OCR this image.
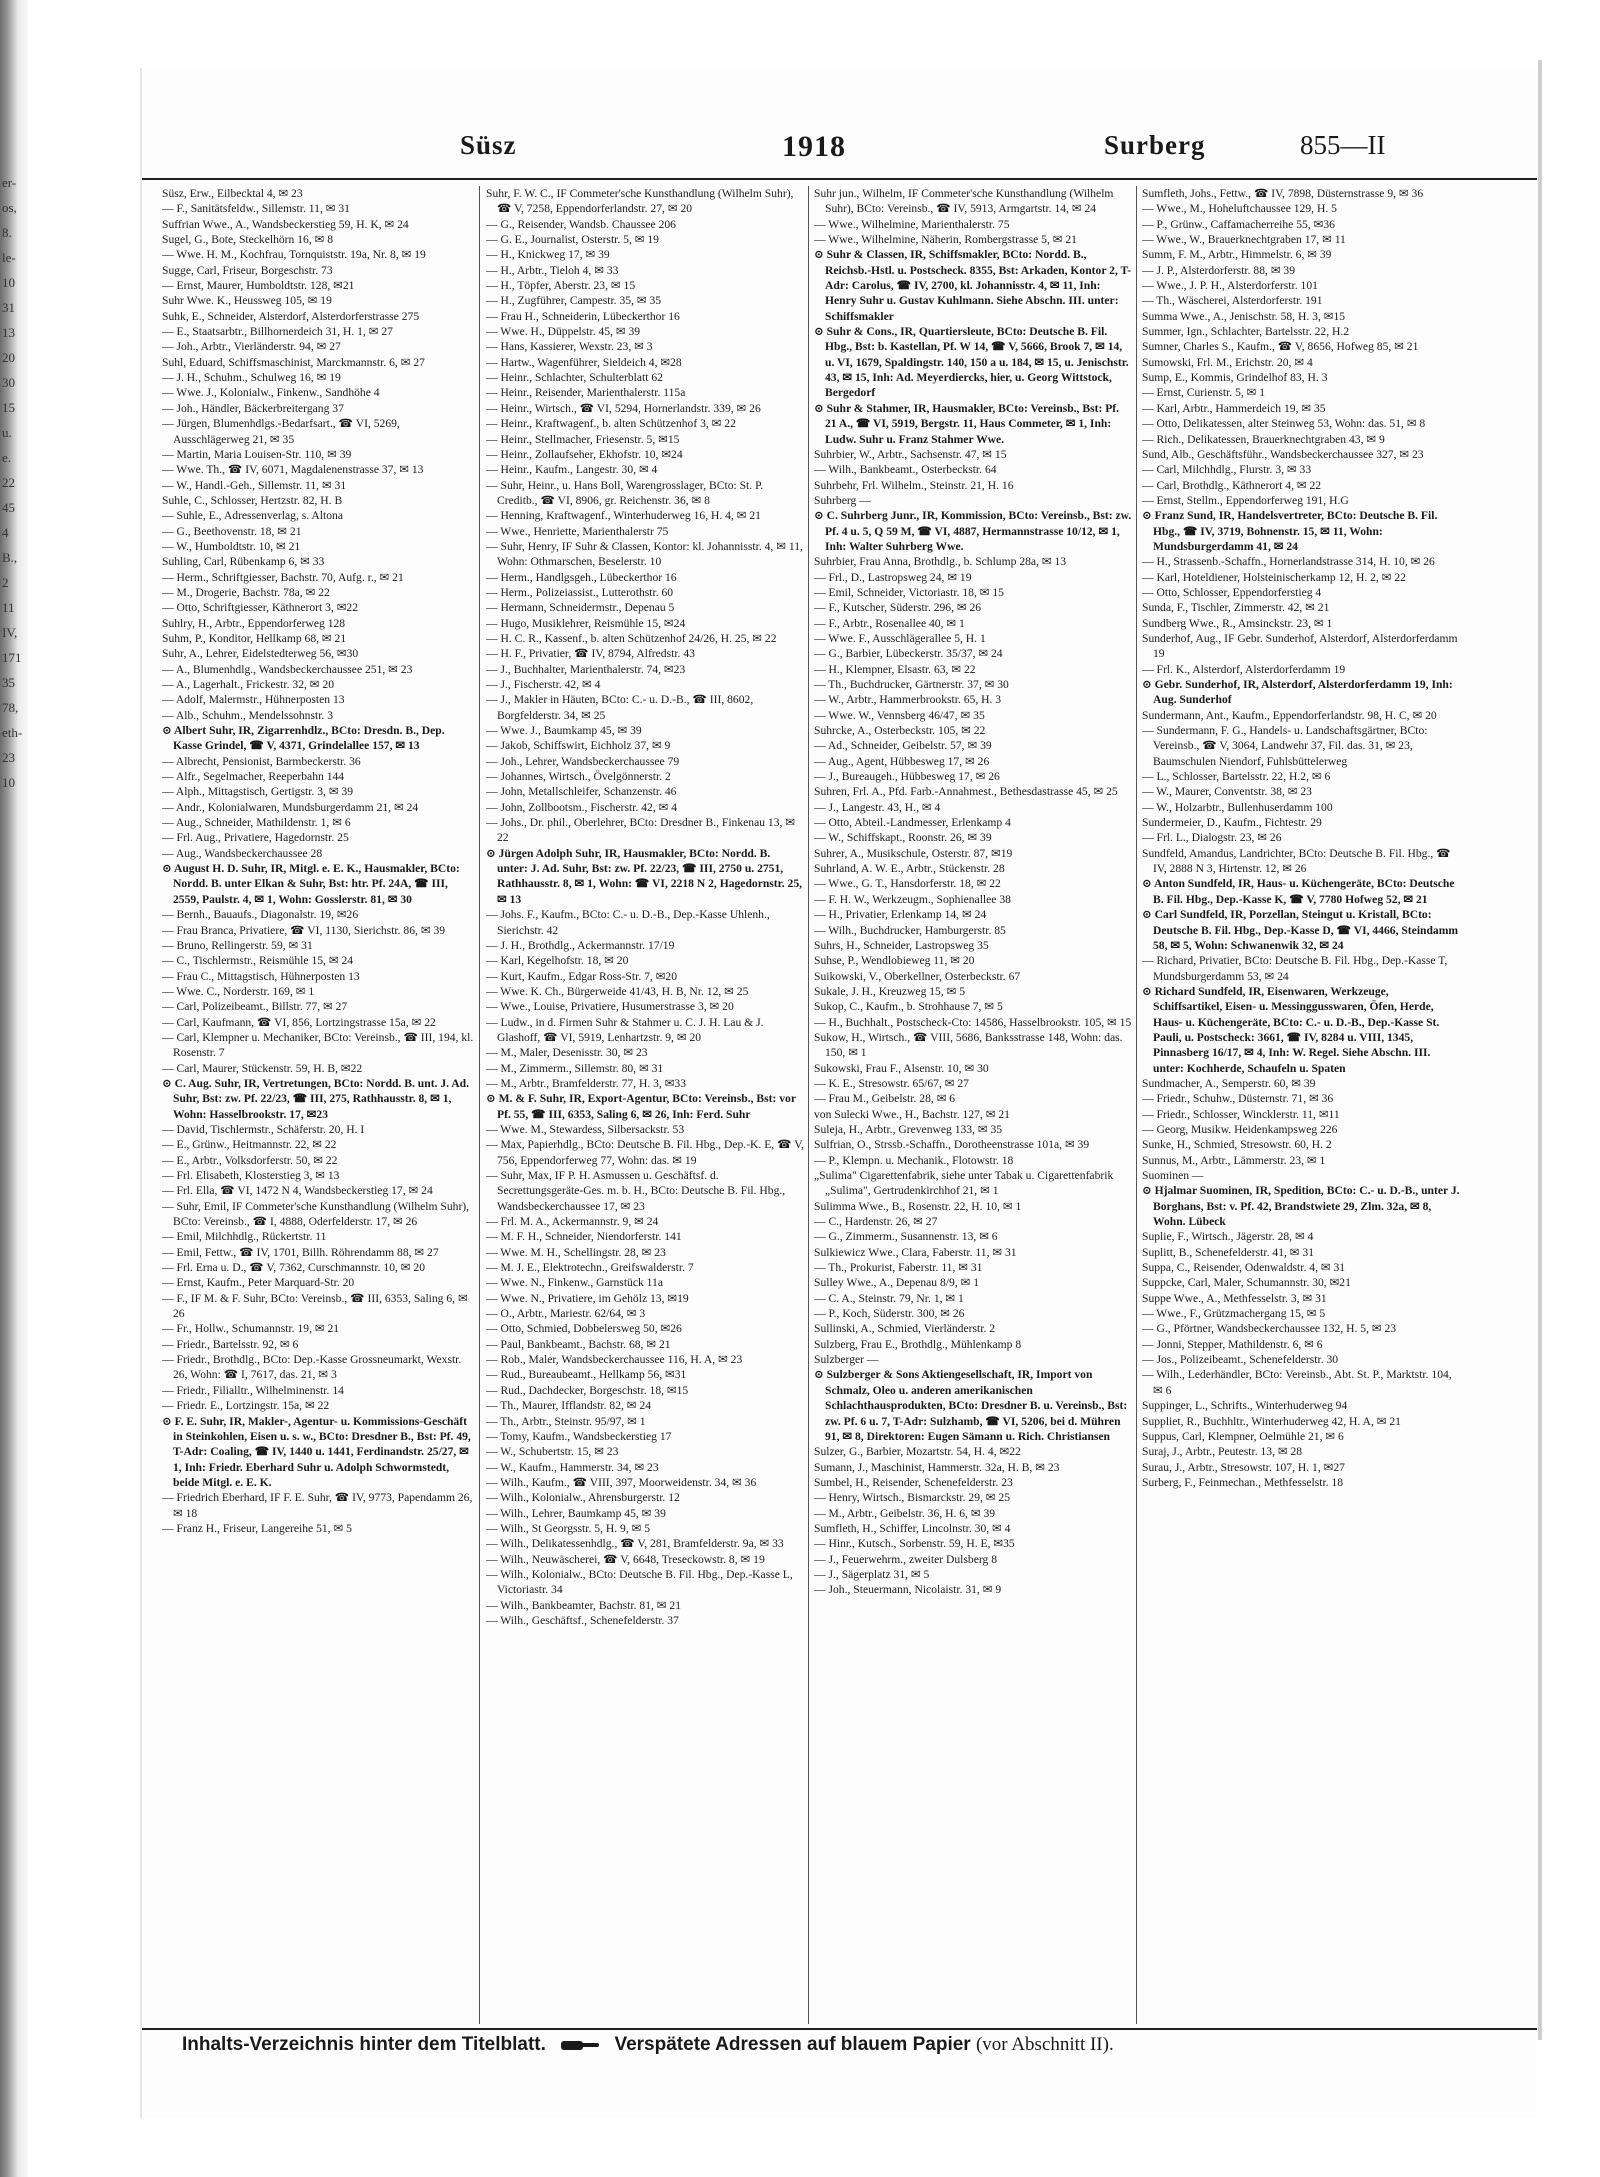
er-
os,
8.
le-
10
31
13
20
30
15
u.
e.
22
45
4
В.,
2
11
IV,
171
35
78,
eth-
23
10
Süsz	1918	Surberg	855—II

Süsz, Erw., Eilbecktal 4, ✉ 23

— F., Sanitätsfeldw., Sillemstr. 11, ✉ 31

Suffrian Wwe., A., Wandsbeckerstieg 59, H. K, ✉ 24

Sugel, G., Bote, Steckelhörn 16, ✉ 8

— Wwe. H. M., Kochfrau, Tornquiststr. 19a, Nr. 8, ✉ 19

Sugge, Carl, Friseur, Borgeschstr. 73

— Ernst, Maurer, Humboldtstr. 128, ✉21

Suhr Wwe. K., Heussweg 105, ✉ 19

Suhk, E., Schneider, Alsterdorf, Alsterdorferstrasse 275

— E., Staatsarbtr., Billhornerdeich 31, H. 1, ✉ 27

— Joh., Arbtr., Vierländerstr. 94, ✉ 27

Suhl, Eduard, Schiffsmaschinist, Marckmannstr. 6, ✉ 27

— J. H., Schuhm., Schulweg 16, ✉ 19

— Wwe. J., Kolonialw., Finkenw., Sandhöhe 4

— Joh., Händler, Bäckerbreitergang 37

— Jürgen, Blumenhdlgs.-Bedarfsart., ☎ VI, 5269, Ausschlägerweg 21, ✉ 35

— Martin, Maria Louisen-Str. 110, ✉ 39

— Wwe. Th., ☎ IV, 6071, Magdalenenstrasse 37, ✉ 13

— W., Handl.-Geh., Sillemstr. 11, ✉ 31

Suhle, C., Schlosser, Hertzstr. 82, H. B

— Suhle, E., Adressenverlag, s. Altona

— G., Beethovenstr. 18, ✉ 21

— W., Humboldtstr. 10, ✉ 21

Suhling, Carl, Rübenkamp 6, ✉ 33

— Herm., Schriftgiesser, Bachstr. 70, Aufg. r., ✉ 21

— M., Drogerie, Bachstr. 78a, ✉ 22

— Otto, Schriftgiesser, Käthnerort 3, ✉22

Suhlry, H., Arbtr., Eppendorferweg 128

Suhm, P., Konditor, Hellkamp 68, ✉ 21

Suhr, A., Lehrer, Eidelstedterweg 56, ✉30

— A., Blumenhdlg., Wandsbeckerchaussee 251, ✉ 23

— A., Lagerhalt., Frickestr. 32, ✉ 20

— Adolf, Malermstr., Hühnerposten 13

— Alb., Schuhm., Mendelssohnstr. 3

⊙ Albert Suhr, IR, Zigarrenhdlz., BCto: Dresdn. B., Dep. Kasse Grindel, ☎ V, 4371, Grindelallee 157, ✉ 13

— Albrecht, Pensionist, Barmbeckerstr. 36

— Alfr., Segelmacher, Reeperbahn 144

— Alph., Mittagstisch, Gertigstr. 3, ✉ 39

— Andr., Kolonialwaren, Mundsburgerdamm 21, ✉ 24

— Aug., Schneider, Mathildenstr. 1, ✉ 6

— Frl. Aug., Privatiere, Hagedornstr. 25

— Aug., Wandsbeckerchaussee 28

⊙ August H. D. Suhr, IR, Mitgl. e. E. K., Hausmakler, BCto: Nordd. B. unter Elkan & Suhr, Bst: htr. Pf. 24A, ☎ III, 2559, Paulstr. 4, ✉ 1, Wohn: Gosslerstr. 81, ✉ 30

— Bernh., Bauaufs., Diagonalstr. 19, ✉26

— Frau Branca, Privatiere, ☎ VI, 1130, Sierichstr. 86, ✉ 39

— Bruno, Rellingerstr. 59, ✉ 31

— C., Tischlermstr., Reismühle 15, ✉ 24

— Frau C., Mittagstisch, Hühnerposten 13

— Wwe. C., Norderstr. 169, ✉ 1

— Carl, Polizeibeamt., Billstr. 77, ✉ 27

— Carl, Kaufmann, ☎ VI, 856, Lortzingstrasse 15a, ✉ 22

— Carl, Klempner u. Mechaniker, BCto: Vereinsb., ☎ III, 194, kl. Rosenstr. 7

— Carl, Maurer, Stückenstr. 59, H. B, ✉22

⊙ C. Aug. Suhr, IR, Vertretungen, BCto: Nordd. B. unt. J. Ad. Suhr, Bst: zw. Pf. 22/23, ☎ III, 275, Rathhausstr. 8, ✉ 1, Wohn: Hasselbrookstr. 17, ✉23

— David, Tischlermstr., Schäferstr. 20, H. I

— E., Grünw., Heitmannstr. 22, ✉ 22

— E., Arbtr., Volksdorferstr. 50, ✉ 22

— Frl. Elisabeth, Klosterstieg 3, ✉ 13

— Frl. Ella, ☎ VI, 1472 N 4, Wandsbeckerstieg 17, ✉ 24

— Suhr, Emil, IF Commeter'sche Kunsthandlung (Wilhelm Suhr), BCto: Vereinsb., ☎ I, 4888, Oderfelderstr. 17, ✉ 26

— Emil, Milchhdlg., Rückertstr. 11

— Emil, Fettw., ☎ IV, 1701, Billh. Röhrendamm 88, ✉ 27

— Frl. Erna u. D., ☎ V, 7362, Curschmannstr. 10, ✉ 20

— Ernst, Kaufm., Peter Marquard-Str. 20

— F., IF M. & F. Suhr, BCto: Vereinsb., ☎ III, 6353, Saling 6, ✉ 26

— Fr., Hollw., Schumannstr. 19, ✉ 21

— Friedr., Bartelsstr. 92, ✉ 6

— Friedr., Brothdlg., BCto: Dep.-Kasse Grossneumarkt, Wexstr. 26, Wohn: ☎ I, 7617, das. 21, ✉ 3

— Friedr., Filialltr., Wilhelminenstr. 14

— Friedr. E., Lortzingstr. 15a, ✉ 22

⊙ F. E. Suhr, IR, Makler-, Agentur- u. Kommissions-Geschäft in Steinkohlen, Eisen u. s. w., BCto: Dresdner B., Bst: Pf. 49, T-Adr: Coaling, ☎ IV, 1440 u. 1441, Ferdinandstr. 25/27, ✉ 1, Inh: Friedr. Eberhard Suhr u. Adolph Schwormstedt, beide Mitgl. e. E. K.

— Friedrich Eberhard, IF F. E. Suhr, ☎ IV, 9773, Papendamm 26, ✉ 18

— Franz H., Friseur, Langereihe 51, ✉ 5

Suhr, F. W. C., IF Commeter'sche Kunsthandlung (Wilhelm Suhr), ☎ V, 7258, Eppendorferlandstr. 27, ✉ 20

— G., Reisender, Wandsb. Chaussee 206

— G. E., Journalist, Osterstr. 5, ✉ 19

— H., Knickweg 17, ✉ 39

— H., Arbtr., Tieloh 4, ✉ 33

— H., Töpfer, Aberstr. 23, ✉ 15

— H., Zugführer, Campestr. 35, ✉ 35

— Frau H., Schneiderin, Lübeckerthor 16

— Wwe. H., Düppelstr. 45, ✉ 39

— Hans, Kassierer, Wexstr. 23, ✉ 3

— Hartw., Wagenführer, Sieldeich 4, ✉28

— Heinr., Schlachter, Schulterblatt 62

— Heinr., Reisender, Marienthalerstr. 115a

— Heinr., Wirtsch., ☎ VI, 5294, Hornerlandstr. 339, ✉ 26

— Heinr., Kraftwagenf., b. alten Schützenhof 3, ✉ 22

— Heinr., Stellmacher, Friesenstr. 5, ✉15

— Heinr., Zollaufseher, Ekhofstr. 10, ✉24

— Heinr., Kaufm., Langestr. 30, ✉ 4

— Suhr, Heinr., u. Hans Boll, Warengrosslager, BCto: St. P. Creditb., ☎ VI, 8906, gr. Reichenstr. 36, ✉ 8

— Henning, Kraftwagenf., Winterhuderweg 16, H. 4, ✉ 21

— Wwe., Henriette, Marienthalerstr 75

— Suhr, Henry, IF Suhr & Classen, Kontor: kl. Johannisstr. 4, ✉ 11, Wohn: Othmarschen, Beselerstr. 10

— Herm., Handlgsgeh., Lübeckerthor 16

— Herm., Polizeiassist., Lutterothstr. 60

— Hermann, Schneidermstr., Depenau 5

— Hugo, Musiklehrer, Reismühle 15, ✉24

— H. C. R., Kassenf., b. alten Schützenhof 24/26, H. 25, ✉ 22

— H. F., Privatier, ☎ IV, 8794, Alfredstr. 43

— J., Buchhalter, Marienthalerstr. 74, ✉23

— J., Fischerstr. 42, ✉ 4

— J., Makler in Häuten, BCto: C.- u. D.-B., ☎ III, 8602, Borgfelderstr. 34, ✉ 25

— Wwe. J., Baumkamp 45, ✉ 39

— Jakob, Schiffswirt, Eichholz 37, ✉ 9

— Joh., Lehrer, Wandsbeckerchaussee 79

— Johannes, Wirtsch., Övelgönnerstr. 2

— John, Metallschleifer, Schanzenstr. 46

— John, Zollbootsm., Fischerstr. 42, ✉ 4

— Johs., Dr. phil., Oberlehrer, BCto: Dresdner B., Finkenau 13, ✉ 22

⊙ Jürgen Adolph Suhr, IR, Hausmakler, BCto: Nordd. B. unter: J. Ad. Suhr, Bst: zw. Pf. 22/23, ☎ III, 2750 u. 2751, Rathhausstr. 8, ✉ 1, Wohn: ☎ VI, 2218 N 2, Hagedornstr. 25, ✉ 13

— Johs. F., Kaufm., BCto: C.- u. D.-B., Dep.-Kasse Uhlenh., Sierichstr. 42

— J. H., Brothdlg., Ackermannstr. 17/19

— Karl, Kegelhofstr. 18, ✉ 20

— Kurt, Kaufm., Edgar Ross-Str. 7, ✉20

— Wwe. K. Ch., Bürgerweide 41/43, H. B, Nr. 12, ✉ 25

— Wwe., Louise, Privatiere, Husumerstrasse 3, ✉ 20

— Ludw., in d. Firmen Suhr & Stahmer u. C. J. H. Lau & J. Glashoff, ☎ VI, 5919, Lenhartzstr. 9, ✉ 20

— M., Maler, Desenisstr. 30, ✉ 23

— M., Zimmerm., Sillemstr. 80, ✉ 31

— M., Arbtr., Bramfelderstr. 77, H. 3, ✉33

⊙ M. & F. Suhr, IR, Export-Agentur, BCto: Vereinsb., Bst: vor Pf. 55, ☎ III, 6353, Saling 6, ✉ 26, Inh: Ferd. Suhr

— Wwe. M., Stewardess, Silbersackstr. 53

— Max, Papierhdlg., BCto: Deutsche B. Fil. Hbg., Dep.-K. E, ☎ V, 756, Eppendorferweg 77, Wohn: das. ✉ 19

— Suhr, Max, IF P. H. Asmussen u. Geschäftsf. d. Secrettungsgeräte-Ges. m. b. H., BCto: Deutsche B. Fil. Hbg., Wandsbeckerchaussee 17, ✉ 23

— Frl. M. A., Ackermannstr. 9, ✉ 24

— M. F. H., Schneider, Niendorferstr. 141

— Wwe. M. H., Schellingstr. 28, ✉ 23

— M. J. E., Elektrotechn., Greifswalderstr. 7

— Wwe. N., Finkenw., Garnstück 11a

— Wwe. N., Privatiere, im Gehölz 13, ✉19

— O., Arbtr., Mariestr. 62/64, ✉ 3

— Otto, Schmied, Dobbelersweg 50, ✉26

— Paul, Bankbeamt., Bachstr. 68, ✉ 21

— Rob., Maler, Wandsbeckerchaussee 116, H. A, ✉ 23

— Rud., Bureaubeamt., Hellkamp 56, ✉31

— Rud., Dachdecker, Borgeschstr. 18, ✉15

— Th., Maurer, Ifflandstr. 82, ✉ 24

— Th., Arbtr., Steinstr. 95/97, ✉ 1

— Tomy, Kaufm., Wandsbeckerstieg 17

— W., Schubertstr. 15, ✉ 23

— W., Kaufm., Hammerstr. 34, ✉ 23

— Wilh., Kaufm., ☎ VIII, 397, Moorweidenstr. 34, ✉ 36

— Wilh., Kolonialw., Ahrensburgerstr. 12

— Wilh., Lehrer, Baumkamp 45, ✉ 39

— Wilh., St Georgsstr. 5, H. 9, ✉ 5

— Wilh., Delikatessenhdlg., ☎ V, 281, Bramfelderstr. 9a, ✉ 33

— Wilh., Neuwäscherei, ☎ V, 6648, Treseckowstr. 8, ✉ 19

— Wilh., Kolonialw., BCto: Deutsche B. Fil. Hbg., Dep.-Kasse L, Victoriastr. 34

— Wilh., Bankbeamter, Bachstr. 81, ✉ 21

— Wilh., Geschäftsf., Schenefelderstr. 37

Suhr jun., Wilhelm, IF Commeter'sche Kunsthandlung (Wilhelm Suhr), BCto: Vereinsb., ☎ IV, 5913, Armgartstr. 14, ✉ 24

— Wwe., Wilhelmine, Marienthalerstr. 75

— Wwe., Wilhelmine, Näherin, Rombergstrasse 5, ✉ 21

⊙ Suhr & Classen, IR, Schiffsmakler, BCto: Nordd. B., Reichsb.-Hstl. u. Postscheck. 8355, Bst: Arkaden, Kontor 2, T-Adr: Carolus, ☎ IV, 2700, kl. Johannisstr. 4, ✉ 11, Inh: Henry Suhr u. Gustav Kuhlmann. Siehe Abschn. III. unter: Schiffsmakler

⊙ Suhr & Cons., IR, Quartiersleute, BCto: Deutsche B. Fil. Hbg., Bst: b. Kastellan, Pf. W 14, ☎ V, 5666, Brook 7, ✉ 14, u. VI, 1679, Spaldingstr. 140, 150 a u. 184, ✉ 15, u. Jenischstr. 43, ✉ 15, Inh: Ad. Meyerdiercks, hier, u. Georg Wittstock, Bergedorf

⊙ Suhr & Stahmer, IR, Hausmakler, BCto: Vereinsb., Bst: Pf. 21 A., ☎ VI, 5919, Bergstr. 11, Haus Commeter, ✉ 1, Inh: Ludw. Suhr u. Franz Stahmer Wwe.

Suhrbier, W., Arbtr., Sachsenstr. 47, ✉ 15

— Wilh., Bankbeamt., Osterbeckstr. 64

Suhrbehr, Frl. Wilhelm., Steinstr. 21, H. 16

Suhrberg —

⊙ C. Suhrberg Junr., IR, Kommission, BCto: Vereinsb., Bst: zw. Pf. 4 u. 5, Q 59 M, ☎ VI, 4887, Hermannstrasse 10/12, ✉ 1, Inh: Walter Suhrberg Wwe.

Suhrbier, Frau Anna, Brothdlg., b. Schlump 28a, ✉ 13

— Frl., D., Lastropsweg 24, ✉ 19

— Emil, Schneider, Victoriastr. 18, ✉ 15

— F., Kutscher, Süderstr. 296, ✉ 26

— F., Arbtr., Rosenallee 40, ✉ 1

— Wwe. F., Ausschlägerallee 5, H. 1

— G., Barbier, Lübeckerstr. 35/37, ✉ 24

— H., Klempner, Elsastr. 63, ✉ 22

— Th., Buchdrucker, Gärtnerstr. 37, ✉ 30

— W., Arbtr., Hammerbrookstr. 65, H. 3

— Wwe. W., Vennsberg 46/47, ✉ 35

Suhrcke, A., Osterbeckstr. 105, ✉ 22

— Ad., Schneider, Geibelstr. 57, ✉ 39

— Aug., Agent, Hübbesweg 17, ✉ 26

— J., Bureaugeh., Hübbesweg 17, ✉ 26

Suhren, Frl. A., Pfd. Farb.-Annahmest., Bethesdastrasse 45, ✉ 25

— J., Langestr. 43, H., ✉ 4

— Otto, Abteil.-Landmesser, Erlenkamp 4

— W., Schiffskapt., Roonstr. 26, ✉ 39

Suhrer, A., Musikschule, Osterstr. 87, ✉19

Suhrland, A. W. E., Arbtr., Stückenstr. 28

— Wwe., G. T., Hansdorferstr. 18, ✉ 22

— F. H. W., Werkzeugm., Sophienallee 38

— H., Privatier, Erlenkamp 14, ✉ 24

— Wilh., Buchdrucker, Hamburgerstr. 85

Suhrs, H., Schneider, Lastropsweg 35

Suhse, P., Wendlobieweg 11, ✉ 20

Suikowski, V., Oberkellner, Osterbeckstr. 67

Sukale, J. H., Kreuzweg 15, ✉ 5

Sukop, C., Kaufm., b. Strohhause 7, ✉ 5

— H., Buchhalt., Postscheck-Cto: 14586, Hasselbrookstr. 105, ✉ 15

Sukow, H., Wirtsch., ☎ VIII, 5686, Banksstrasse 148, Wohn: das. 150, ✉ 1

Sukowski, Frau F., Alsenstr. 10, ✉ 30

— K. E., Stresowstr. 65/67, ✉ 27

— Frau M., Geibelstr. 28, ✉ 6

von Sulecki Wwe., H., Bachstr. 127, ✉ 21

Suleja, H., Arbtr., Grevenweg 133, ✉ 35

Sulfrian, O., Strssb.-Schaffn., Dorotheenstrasse 101a, ✉ 39

— P., Klempn. u. Mechanik., Flotowstr. 18

„Sulima" Cigarettenfabrik, siehe unter Tabak u. Cigarettenfabrik „Sulima", Gertrudenkirchhof 21, ✉ 1

Sulimma Wwe., B., Rosenstr. 22, H. 10, ✉ 1

— C., Hardenstr. 26, ✉ 27

— G., Zimmerm., Susannenstr. 13, ✉ 6

Sulkiewicz Wwe., Clara, Faberstr. 11, ✉ 31

— Th., Prokurist, Faberstr. 11, ✉ 31

Sulley Wwe., A., Depenau 8/9, ✉ 1

— C. A., Steinstr. 79, Nr. 1, ✉ 1

— P., Koch, Süderstr. 300, ✉ 26

Sullinski, A., Schmied, Vierländerstr. 2

Sulzberg, Frau E., Brothdlg., Mühlenkamp 8

Sulzberger —

⊙ Sulzberger & Sons Aktiengesellschaft, IR, Import von Schmalz, Oleo u. anderen amerikanischen Schlachthausprodukten, BCto: Dresdner B. u. Vereinsb., Bst: zw. Pf. 6 u. 7, T-Adr: Sulzhamb, ☎ VI, 5206, bei d. Mühren 91, ✉ 8, Direktoren: Eugen Sämann u. Rich. Christiansen

Sulzer, G., Barbier, Mozartstr. 54, H. 4, ✉22

Sumann, J., Maschinist, Hammerstr. 32a, H. B, ✉ 23

Sumbel, H., Reisender, Schenefelderstr. 23

— Henry, Wirtsch., Bismarckstr. 29, ✉ 25

— M., Arbtr., Geibelstr. 36, H. 6, ✉ 39

Sumfleth, H., Schiffer, Lincolnstr. 30, ✉ 4

— Hinr., Kutsch., Sorbenstr. 59, H. E, ✉35

— J., Feuerwehrm., zweiter Dulsberg 8

— J., Sägerplatz 31, ✉ 5

— Joh., Steuermann, Nicolaistr. 31, ✉ 9

Sumfleth, Johs., Fettw., ☎ IV, 7898, Düsternstrasse 9, ✉ 36

— Wwe., M., Hoheluftchaussee 129, H. 5

— P., Grünw., Caffamacherreihe 55, ✉36

— Wwe., W., Brauerknechtgraben 17, ✉ 11

Summ, F. M., Arbtr., Himmelstr. 6, ✉ 39

— J. P., Alsterdorferstr. 88, ✉ 39

— Wwe., J. P. H., Alsterdorferstr. 101

— Th., Wäscherei, Alsterdorferstr. 191

Summa Wwe., A., Jenischstr. 58, H. 3, ✉15

Summer, Ign., Schlachter, Bartelsstr. 22, H.2

Sumner, Charles S., Kaufm., ☎ V, 8656, Hofweg 85, ✉ 21

Sumowski, Frl. M., Erichstr. 20, ✉ 4

Sump, E., Kommis, Grindelhof 83, H. 3

— Ernst, Curienstr. 5, ✉ 1

— Karl, Arbtr., Hammerdeich 19, ✉ 35

— Otto, Delikatessen, alter Steinweg 53, Wohn: das. 51, ✉ 8

— Rich., Delikatessen, Brauerknechtgraben 43, ✉ 9

Sund, Alb., Geschäftsführ., Wandsbeckerchaussee 327, ✉ 23

— Carl, Milchhdlg., Flurstr. 3, ✉ 33

— Carl, Brothdlg., Käthnerort 4, ✉ 22

— Ernst, Stellm., Eppendorferweg 191, H.G

⊙ Franz Sund, IR, Handelsvertreter, BCto: Deutsche B. Fil. Hbg., ☎ IV, 3719, Bohnenstr. 15, ✉ 11, Wohn: Mundsburgerdamm 41, ✉ 24

— H., Strassenb.-Schaffn., Hornerlandstrasse 314, H. 10, ✉ 26

— Karl, Hoteldiener, Holsteinischerkamp 12, H. 2, ✉ 22

— Otto, Schlosser, Eppendorferstieg 4

Sunda, F., Tischler, Zimmerstr. 42, ✉ 21

Sundberg Wwe., R., Amsinckstr. 23, ✉ 1

Sunderhof, Aug., IF Gebr. Sunderhof, Alsterdorf, Alsterdorferdamm 19

— Frl. K., Alsterdorf, Alsterdorferdamm 19

⊙ Gebr. Sunderhof, IR, Alsterdorf, Alsterdorferdamm 19, Inh: Aug. Sunderhof

Sundermann, Ant., Kaufm., Eppendorferlandstr. 98, H. C, ✉ 20

— Sundermann, F. G., Handels- u. Landschaftsgärtner, BCto: Vereinsb., ☎ V, 3064, Landwehr 37, Fil. das. 31, ✉ 23, Baumschulen Niendorf, Fuhlsbüttelerweg

— L., Schlosser, Bartelsstr. 22, H.2, ✉ 6

— W., Maurer, Conventstr. 38, ✉ 23

— W., Holzarbtr., Bullenhuserdamm 100

Sundermeier, D., Kaufm., Fichtestr. 29

— Frl. L., Dialogstr. 23, ✉ 26

Sundfeld, Amandus, Landrichter, BCto: Deutsche B. Fil. Hbg., ☎ IV, 2888 N 3, Hirtenstr. 12, ✉ 26

⊙ Anton Sundfeld, IR, Haus- u. Küchengeräte, BCto: Deutsche B. Fil. Hbg., Dep.-Kasse K, ☎ V, 7780 Hofweg 52, ✉ 21

⊙ Carl Sundfeld, IR, Porzellan, Steingut u. Kristall, BCto: Deutsche B. Fil. Hbg., Dep.-Kasse D, ☎ VI, 4466, Steindamm 58, ✉ 5, Wohn: Schwanenwik 32, ✉ 24

— Richard, Privatier, BCto: Deutsche B. Fil. Hbg., Dep.-Kasse T, Mundsburgerdamm 53, ✉ 24

⊙ Richard Sundfeld, IR, Eisenwaren, Werkzeuge, Schiffsartikel, Eisen- u. Messinggusswaren, Öfen, Herde, Haus- u. Küchengeräte, BCto: C.- u. D.-B., Dep.-Kasse St. Pauli, u. Postscheck: 3661, ☎ IV, 8284 u. VIII, 1345, Pinnasberg 16/17, ✉ 4, Inh: W. Regel. Siehe Abschn. III. unter: Kochherde, Schaufeln u. Spaten

Sundmacher, A., Semperstr. 60, ✉ 39

— Friedr., Schuhw., Düsternstr. 71, ✉ 36

— Friedr., Schlosser, Wincklerstr. 11, ✉11

— Georg, Musikw. Heidenkampsweg 226

Sunke, H., Schmied, Stresowstr. 60, H. 2

Sunnus, M., Arbtr., Lämmerstr. 23, ✉ 1

Suominen —

⊙ Hjalmar Suominen, IR, Spedition, BCto: C.- u. D.-B., unter J. Borghans, Bst: v. Pf. 42, Brandstwiete 29, Zlm. 32a, ✉ 8, Wohn. Lübeck

Suplie, F., Wirtsch., Jägerstr. 28, ✉ 4

Suplitt, B., Schenefelderstr. 41, ✉ 31

Suppa, C., Reisender, Odenwaldstr. 4, ✉ 31

Suppcke, Carl, Maler, Schumannstr. 30, ✉21

Suppe Wwe., A., Methfesselstr. 3, ✉ 31

— Wwe., F., Grützmachergang 15, ✉ 5

— G., Pförtner, Wandsbeckerchaussee 132, H. 5, ✉ 23

— Jonni, Stepper, Mathildenstr. 6, ✉ 6

— Jos., Polizeibeamt., Schenefelderstr. 30

— Wilh., Lederhändler, BCto: Vereinsb., Abt. St. P., Marktstr. 104, ✉ 6

Suppinger, L., Schrifts., Winterhuderweg 94

Suppliet, R., Buchhltr., Winterhuderweg 42, H. A, ✉ 21

Suppus, Carl, Klempner, Oelmühle 21, ✉ 6

Suraj, J., Arbtr., Peutestr. 13, ✉ 28

Surau, J., Arbtr., Stresowstr. 107, H. 1, ✉27

Surberg, F., Feinmechan., Methfesselstr. 18

Inhalts-Verzeichnis hinter dem Titelblatt.	Verspätete Adressen auf blauem Papier (vor Abschnitt II).
